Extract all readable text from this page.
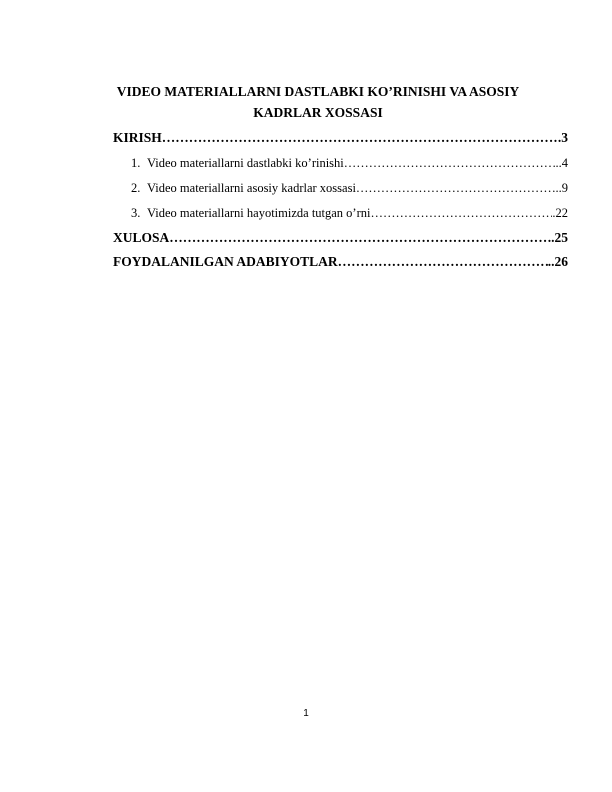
VIDEO MATERIALLARNI DASTLABKI KO’RINISHI VA ASOSIY
KADRLAR XOSSASI
KIRISH ……………………………………………………………………………………………………………………………………………………………………	.3
1. Video materiallarni dastlabki ko’rinishi ……………………………………………………………………………………………………………………………………………………………………	..4
2. Video materiallarni asosiy kadrlar xossasi ……………………………………………………………………………………………………………………………………………………………………	..9
3. Video materiallarni hayotimizda tutgan o’rni ……………………………………………………………………………………………………………………………………………………………………	.22
XULOSA ……………………………………………………………………………………………………………………………………………………………………	.25
FOYDALANILGAN ADABIYOTLAR ……………………………………………………………………………………………………………………………………………………………………	..26
1
